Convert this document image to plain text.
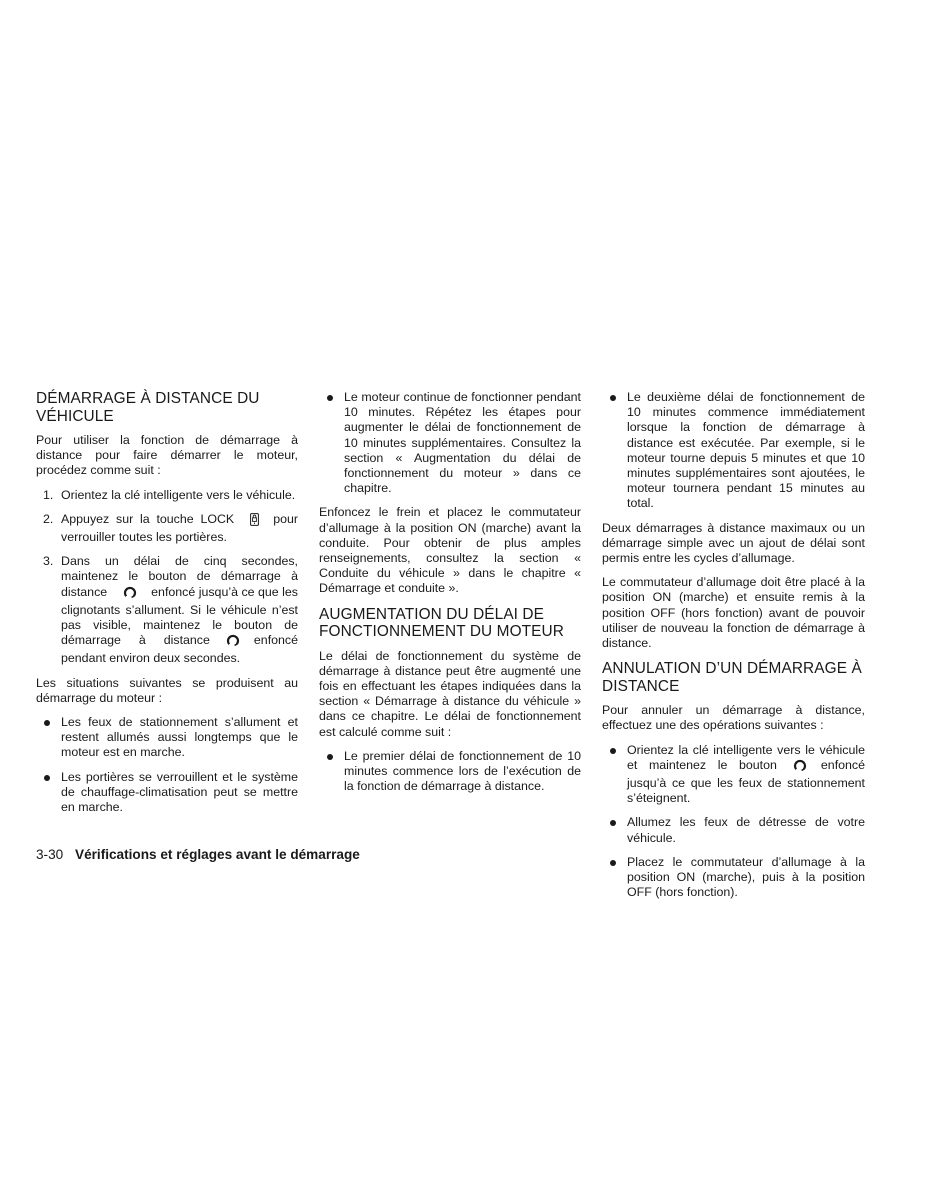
DÉMARRAGE À DISTANCE DU VÉHICULE

Pour utiliser la fonction de démarrage à distance pour faire démarrer le moteur, procédez comme suit :

1. Orientez la clé intelligente vers le véhicule.
2. Appuyez sur la touche LOCK	pour verrouiller toutes les portières.
3. Dans un délai de cinq secondes, maintenez le bouton de démarrage à distance	enfoncé jusqu’à ce que les clignotants s’allument. Si le véhicule n’est pas visible, maintenez le bouton de démarrage à distance	enfoncé pendant environ deux secondes.

Les situations suivantes se produisent au démarrage du moteur :

Les feux de stationnement s’allument et restent allumés aussi longtemps que le moteur est en marche.
Les portières se verrouillent et le système de chauffage-climatisation peut se mettre en marche.
Le moteur continue de fonctionner pendant 10 minutes. Répétez les étapes pour augmenter le délai de fonctionnement de 10 minutes supplémentaires. Consultez la section « Augmentation du délai de fonctionnement du moteur » dans ce chapitre.

Enfoncez le frein et placez le commutateur d’allumage à la position ON (marche) avant la conduite. Pour obtenir de plus amples renseignements, consultez la section « Conduite du véhicule » dans le chapitre « Démarrage et conduite ».

AUGMENTATION DU DÉLAI DE FONCTIONNEMENT DU MOTEUR

Le délai de fonctionnement du système de démarrage à distance peut être augmenté une fois en effectuant les étapes indiquées dans la section « Démarrage à distance du véhicule » dans ce chapitre. Le délai de fonctionnement est calculé comme suit :

Le premier délai de fonctionnement de 10 minutes commence lors de l’exécution de la fonction de démarrage à distance.
Le deuxième délai de fonctionnement de 10 minutes commence immédiatement lorsque la fonction de démarrage à distance est exécutée. Par exemple, si le moteur tourne depuis 5 minutes et que 10 minutes supplémentaires sont ajoutées, le moteur tournera pendant 15 minutes au total.

Deux démarrages à distance maximaux ou un démarrage simple avec un ajout de délai sont permis entre les cycles d’allumage.

Le commutateur d’allumage doit être placé à la position ON (marche) et ensuite remis à la position OFF (hors fonction) avant de pouvoir utiliser de nouveau la fonction de démarrage à distance.

ANNULATION D’UN DÉMARRAGE À DISTANCE

Pour annuler un démarrage à distance, effectuez une des opérations suivantes :

Orientez la clé intelligente vers le véhicule et maintenez le bouton	enfoncé jusqu’à ce que les feux de stationnement s’éteignent.
Allumez les feux de détresse de votre véhicule.
Placez le commutateur d’allumage à la position ON (marche), puis à la position OFF (hors fonction).
3-30 Vérifications et réglages avant le démarrage
